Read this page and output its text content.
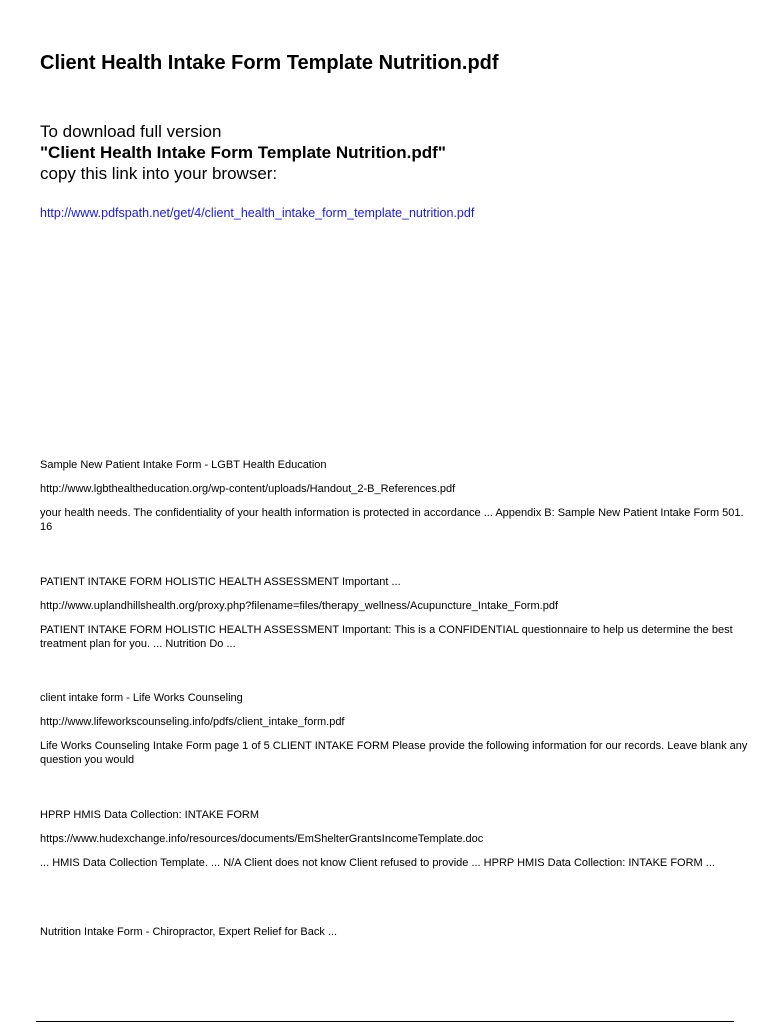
Client Health Intake Form Template Nutrition.pdf
To download full version
"Client Health Intake Form Template Nutrition.pdf"
copy this link into your browser:
http://www.pdfspath.net/get/4/client_health_intake_form_template_nutrition.pdf
Sample New Patient Intake Form - LGBT Health Education
http://www.lgbthealtheducation.org/wp-content/uploads/Handout_2-B_References.pdf
your health needs. The confidentiality of your health information is protected in accordance ... Appendix B: Sample New Patient Intake Form 501. 16
PATIENT INTAKE FORM HOLISTIC HEALTH ASSESSMENT Important ...
http://www.uplandhillshealth.org/proxy.php?filename=files/therapy_wellness/Acupuncture_Intake_Form.pdf
PATIENT INTAKE FORM HOLISTIC HEALTH ASSESSMENT Important: This is a CONFIDENTIAL questionnaire to help us determine the best treatment plan for you. ... Nutrition Do ...
client intake form - Life Works Counseling
http://www.lifeworkscounseling.info/pdfs/client_intake_form.pdf
Life Works Counseling Intake Form page 1 of 5 CLIENT INTAKE FORM Please provide the following information for our records. Leave blank any question you would
HPRP HMIS Data Collection: INTAKE FORM
https://www.hudexchange.info/resources/documents/EmShelterGrantsIncomeTemplate.doc
... HMIS Data Collection Template. ... N/A Client does not know Client refused to provide ... HPRP HMIS Data Collection: INTAKE FORM ...
Nutrition Intake Form - Chiropractor, Expert Relief for Back ...
